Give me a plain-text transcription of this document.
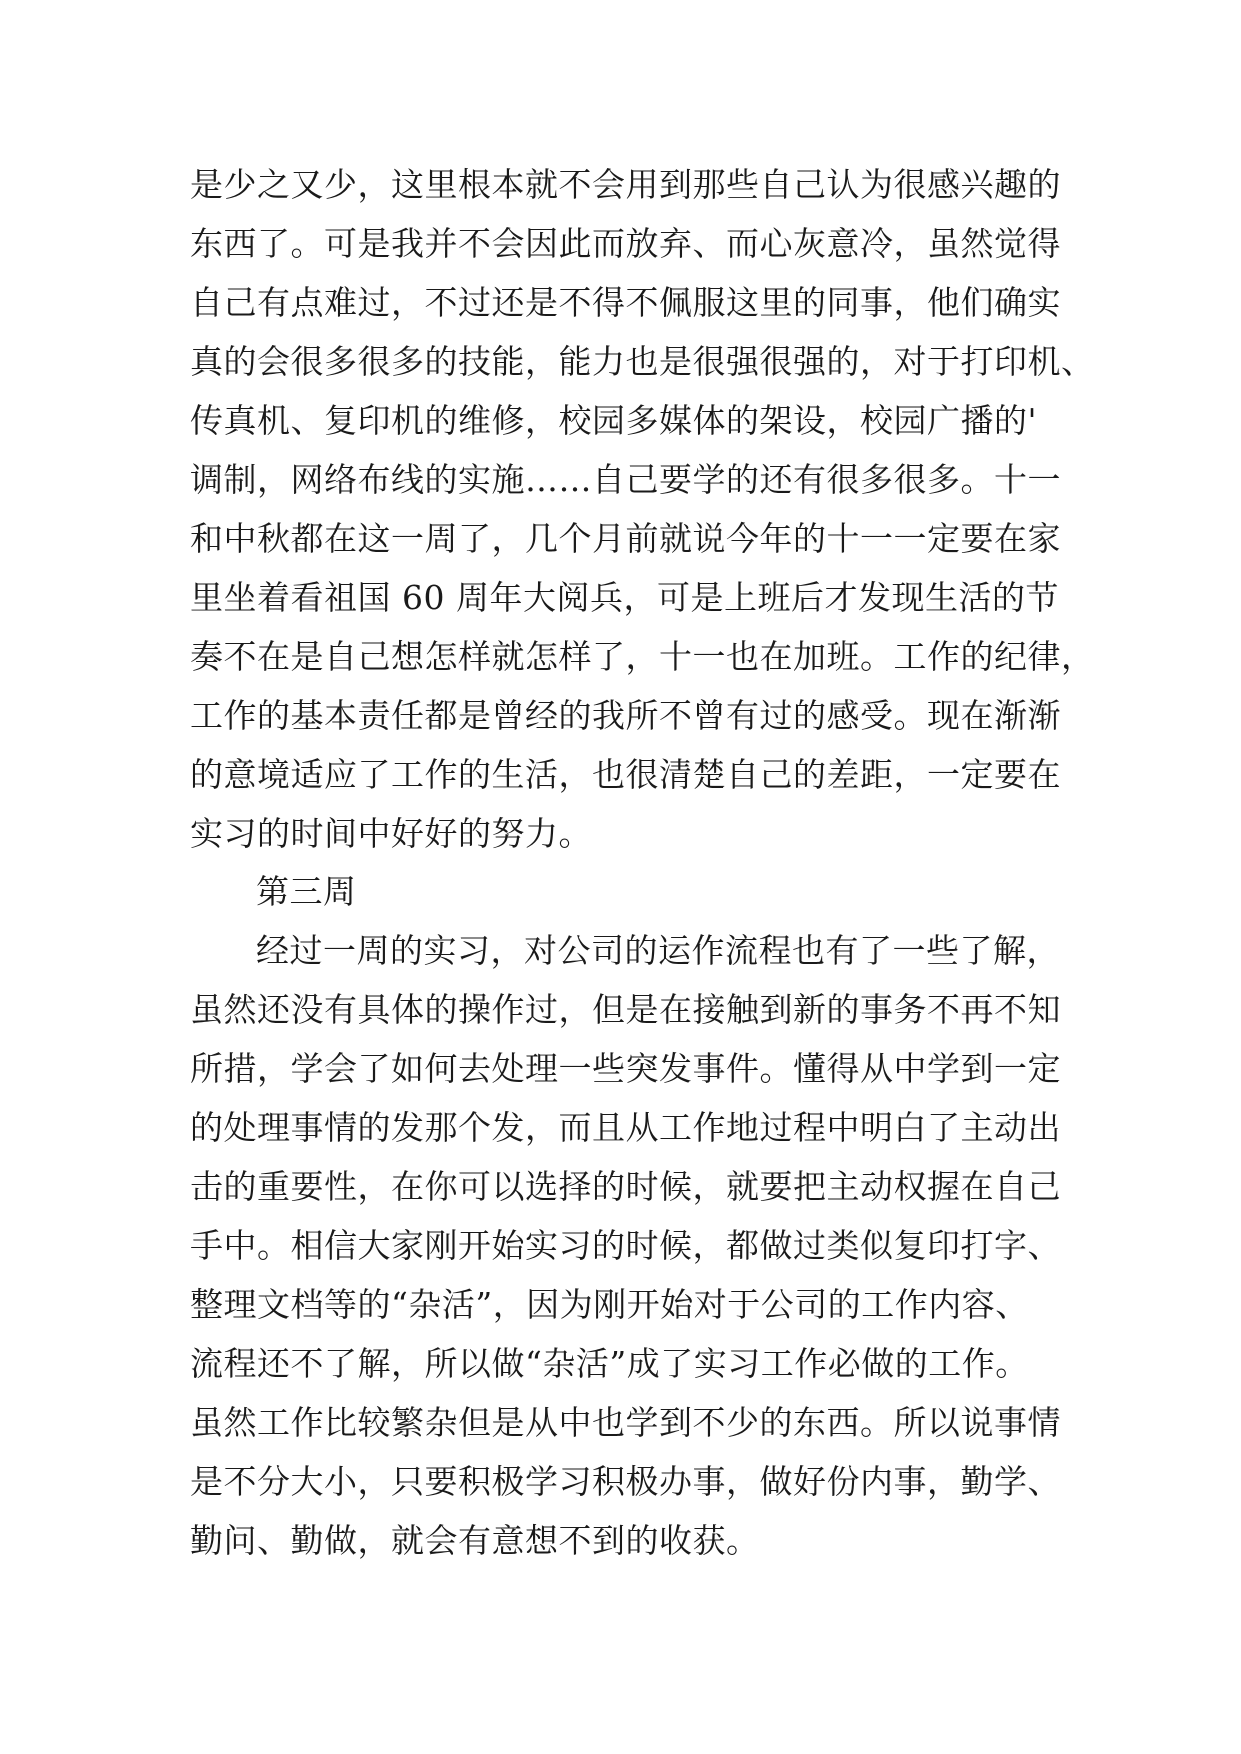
是少之又少，这里根本就不会用到那些自己认为很感兴趣的
东西了。可是我并不会因此而放弃、而心灰意冷，虽然觉得
自己有点难过，不过还是不得不佩服这里的同事，他们确实
真的会很多很多的技能，能力也是很强很强的，对于打印机、
传真机、复印机的维修，校园多媒体的架设，校园广播的'
调制，网络布线的实施……自己要学的还有很多很多。十一
和中秋都在这一周了，几个月前就说今年的十一一定要在家
里坐着看祖国 60 周年大阅兵，可是上班后才发现生活的节
奏不在是自己想怎样就怎样了，十一也在加班。工作的纪律，
工作的基本责任都是曾经的我所不曾有过的感受。现在渐渐
的意境适应了工作的生活，也很清楚自己的差距，一定要在
实习的时间中好好的努力。
第三周
经过一周的实习，对公司的运作流程也有了一些了解，
虽然还没有具体的操作过，但是在接触到新的事务不再不知
所措，学会了如何去处理一些突发事件。懂得从中学到一定
的处理事情的发那个发，而且从工作地过程中明白了主动出
击的重要性，在你可以选择的时候，就要把主动权握在自己
手中。相信大家刚开始实习的时候，都做过类似复印打字、
整理文档等的“杂活”，因为刚开始对于公司的工作内容、
流程还不了解，所以做“杂活”成了实习工作必做的工作。
虽然工作比较繁杂但是从中也学到不少的东西。所以说事情
是不分大小，只要积极学习积极办事，做好份内事，勤学、
勤问、勤做，就会有意想不到的收获。
